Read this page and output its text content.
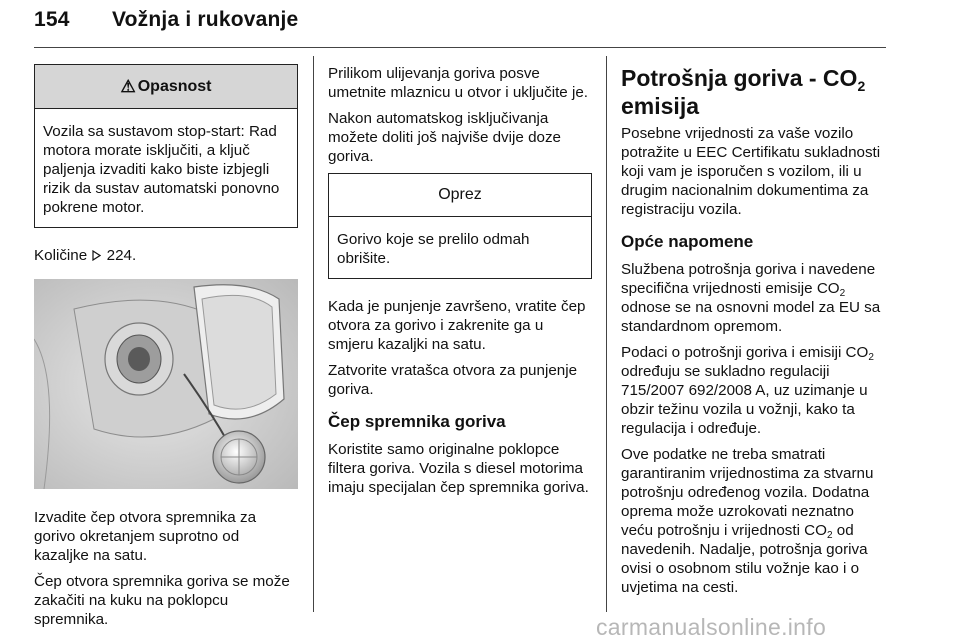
154 Vožnja i rukovanje
⚠ Opasnost
Vozila sa sustavom stop-start: Rad motora morate isključiti, a ključ paljenja izvaditi kako biste izbjegli rizik da sustav automatski ponovno pokrene motor.

Količine 224.

Izvadite čep otvora spremnika za gorivo okretanjem suprotno od kazaljke na satu.

Čep otvora spremnika goriva se može zakačiti na kuku na poklopcu spremnika.

Prilikom ulijevanja goriva posve umetnite mlaznicu u otvor i uključite je.

Nakon automatskog isključivanja možete doliti još najviše dvije doze goriva.

Oprez
Gorivo koje se prelilo odmah obrišite.

Kada je punjenje završeno, vratite čep otvora za gorivo i zakrenite ga u smjeru kazaljki na satu.

Zatvorite vratašca otvora za punjenje goriva.

Čep spremnika goriva

Koristite samo originalne poklopce filtera goriva. Vozila s diesel motorima imaju specijalan čep spremnika goriva.

Potrošnja goriva - $CO_2$
emisija

Posebne vrijednosti za vaše vozilo potražite u EEC Certifikatu sukladnosti koji vam je isporučen s vozilom, ili u drugim nacionalnim dokumentima za registraciju vozila.

Opće napomene

Službena potrošnja goriva i navedene specifična vrijednosti emisije $CO_2$ odnose se na osnovni model za EU sa standardnom opremom.

Podaci o potrošnji goriva i emisiji $CO_2$ određuju se sukladno regulaciji 715/2007 692/2008 A, uz uzimanje u obzir težinu vozila u vožnji, kako ta regulacija i određuje.

Ove podatke ne treba smatrati garantiranim vrijednostima za stvarnu potrošnju određenog vozila. Dodatna oprema može uzrokovati neznatno veću potrošnju i vrijednosti $CO_2$ od navedenih. Nadalje, potrošnja goriva ovisi o osobnom stilu vožnje kao i o uvjetima na cesti.

carmanualsonline.info
